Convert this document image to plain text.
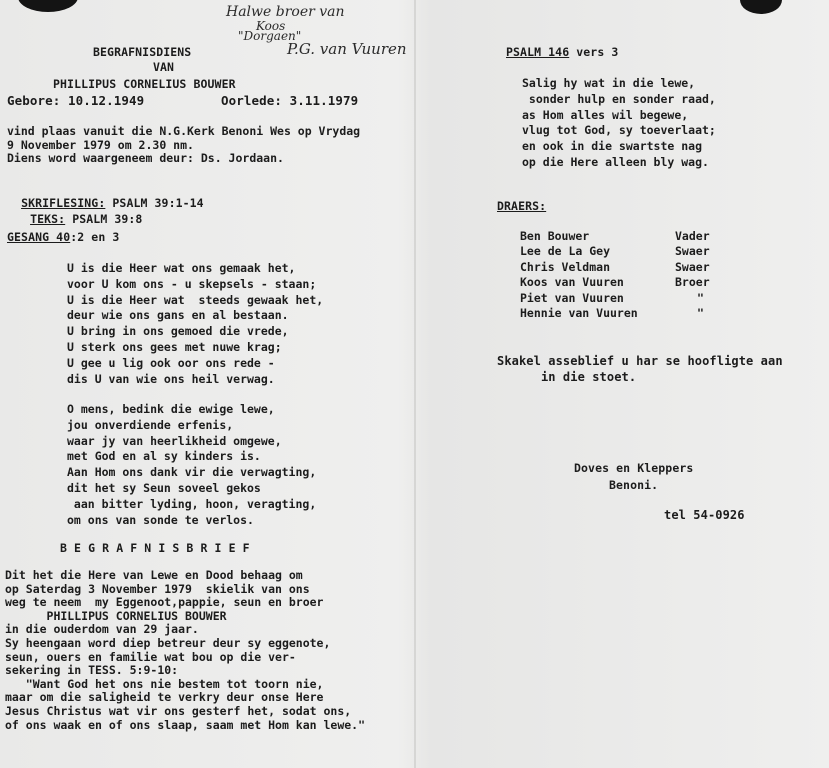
Halwe broer van
Koos
"Dorgaen"
P.G. van Vuuren
BEGRAFNISDIENS
VAN
PHILLIPUS CORNELIUS BOUWER
Gebore: 10.12.1949	Oorlede: 3.11.1979
vind plaas vanuit die N.G.Kerk Benoni Wes op Vrydag
9 November 1979 om 2.30 nm.
Diens word waargeneem deur: Ds. Jordaan.

SKRIFLESING: PSALM 39:1-14

TEKS: PSALM 39:8

GESANG 40:2 en 3
U is die Heer wat ons gemaak het,
voor U kom ons - u skepsels - staan;
U is die Heer wat  steeds gewaak het,
deur wie ons gans en al bestaan.
U bring in ons gemoed die vrede,
U sterk ons gees met nuwe krag;
U gee u lig ook oor ons rede -
dis U van wie ons heil verwag.
O mens, bedink die ewige lewe,
jou onverdiende erfenis,
waar jy van heerlikheid omgewe,
met God en al sy kinders is.
Aan Hom ons dank vir die verwagting,
dit het sy Seun soveel gekos
aan bitter lyding, hoon, veragting,
om ons van sonde te verlos.
B E G R A F N I S B R I E F
Dit het die Here van Lewe en Dood behaag om
op Saterdag 3 November 1979  skielik van ons
weg te neem  my Eggenoot,pappie, seun en broer
PHILLIPUS CORNELIUS BOUWER
in die ouderdom van 29 jaar.
Sy heengaan word diep betreur deur sy eggenote,
seun, ouers en familie wat bou op die ver-
sekering in TESS. 5:9-10:
"Want God het ons nie bestem tot toorn nie,
maar om die saligheid te verkry deur onse Here
Jesus Christus wat vir ons gesterf het, sodat ons,
of ons waak en of ons slaap, saam met Hom kan lewe."
PSALM 146 vers 3
Salig hy wat in die lewe,
sonder hulp en sonder raad,
as Hom alles wil begewe,
vlug tot God, sy toeverlaat;
en ook in die swartste nag
op die Here alleen bly wag.
DRAERS:
Ben Bouwer	Vader
Lee de La Gey	Swaer
Chris Veldman	Swaer
Koos van Vuuren	Broer
Piet van Vuuren	"
Hennie van Vuuren	"
Skakel asseblief u har se hoofligte aan
in die stoet.
Doves en Kleppers
Benoni.
tel 54-0926
